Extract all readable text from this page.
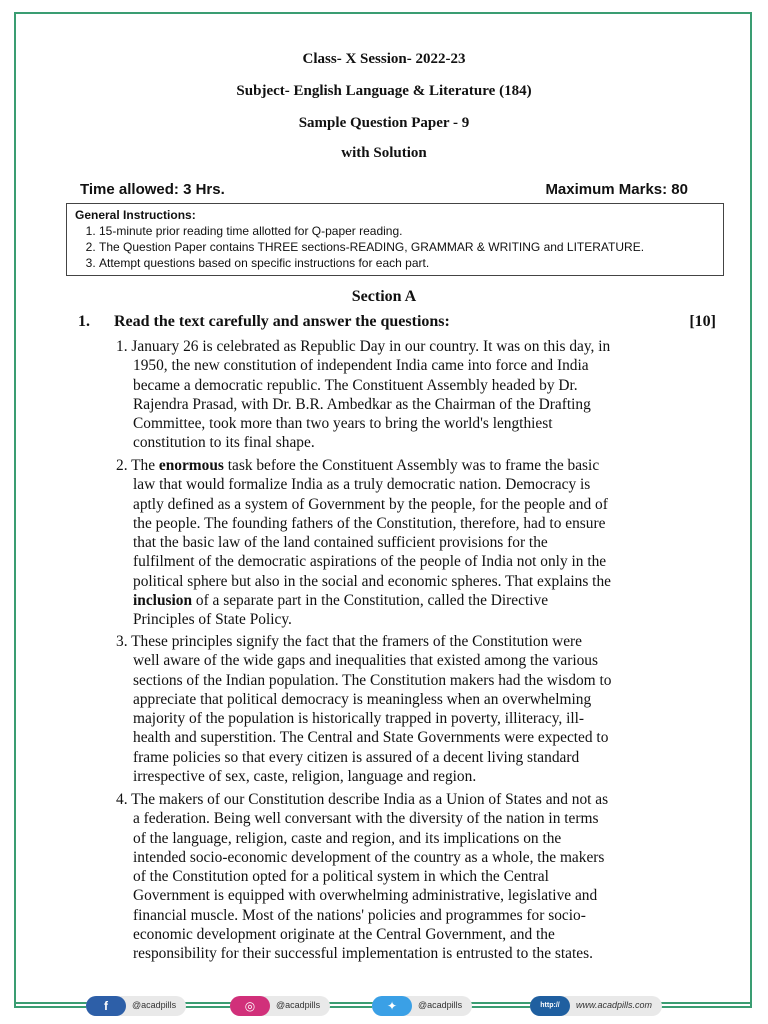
Class- X Session- 2022-23
Subject- English Language & Literature (184)
Sample Question Paper - 9
with Solution
Time allowed: 3 Hrs.	Maximum Marks: 80
General Instructions:
1. 15-minute prior reading time allotted for Q-paper reading.
2. The Question Paper contains THREE sections-READING, GRAMMAR & WRITING and LITERATURE.
3. Attempt questions based on specific instructions for each part.
Section A
1. Read the text carefully and answer the questions:	[10]
1. January 26 is celebrated as Republic Day in our country. It was on this day, in
1950, the new constitution of independent India came into force and India
became a democratic republic. The Constituent Assembly headed by Dr.
Rajendra Prasad, with Dr. B.R. Ambedkar as the Chairman of the Drafting
Committee, took more than two years to bring the world's lengthiest
constitution to its final shape.
2. The enormous task before the Constituent Assembly was to frame the basic
law that would formalize India as a truly democratic nation. Democracy is
aptly defined as a system of Government by the people, for the people and of
the people. The founding fathers of the Constitution, therefore, had to ensure
that the basic law of the land contained sufficient provisions for the
fulfilment of the democratic aspirations of the people of India not only in the
political sphere but also in the social and economic spheres. That explains the
inclusion of a separate part in the Constitution, called the Directive
Principles of State Policy.
3. These principles signify the fact that the framers of the Constitution were
well aware of the wide gaps and inequalities that existed among the various
sections of the Indian population. The Constitution makers had the wisdom to
appreciate that political democracy is meaningless when an overwhelming
majority of the population is historically trapped in poverty, illiteracy, ill-
health and superstition. The Central and State Governments were expected to
frame policies so that every citizen is assured of a decent living standard
irrespective of sex, caste, religion, language and region.
4. The makers of our Constitution describe India as a Union of States and not as
a federation. Being well conversant with the diversity of the nation in terms
of the language, religion, caste and region, and its implications on the
intended socio-economic development of the country as a whole, the makers
of the Constitution opted for a political system in which the Central
Government is equipped with overwhelming administrative, legislative and
financial muscle. Most of the nations' policies and programmes for socio-
economic development originate at the Central Government, and the
responsibility for their successful implementation is entrusted to the states.
f	@acadpills	◎	@acadpills	✦	@acadpills	http://	www.acadpills.com
